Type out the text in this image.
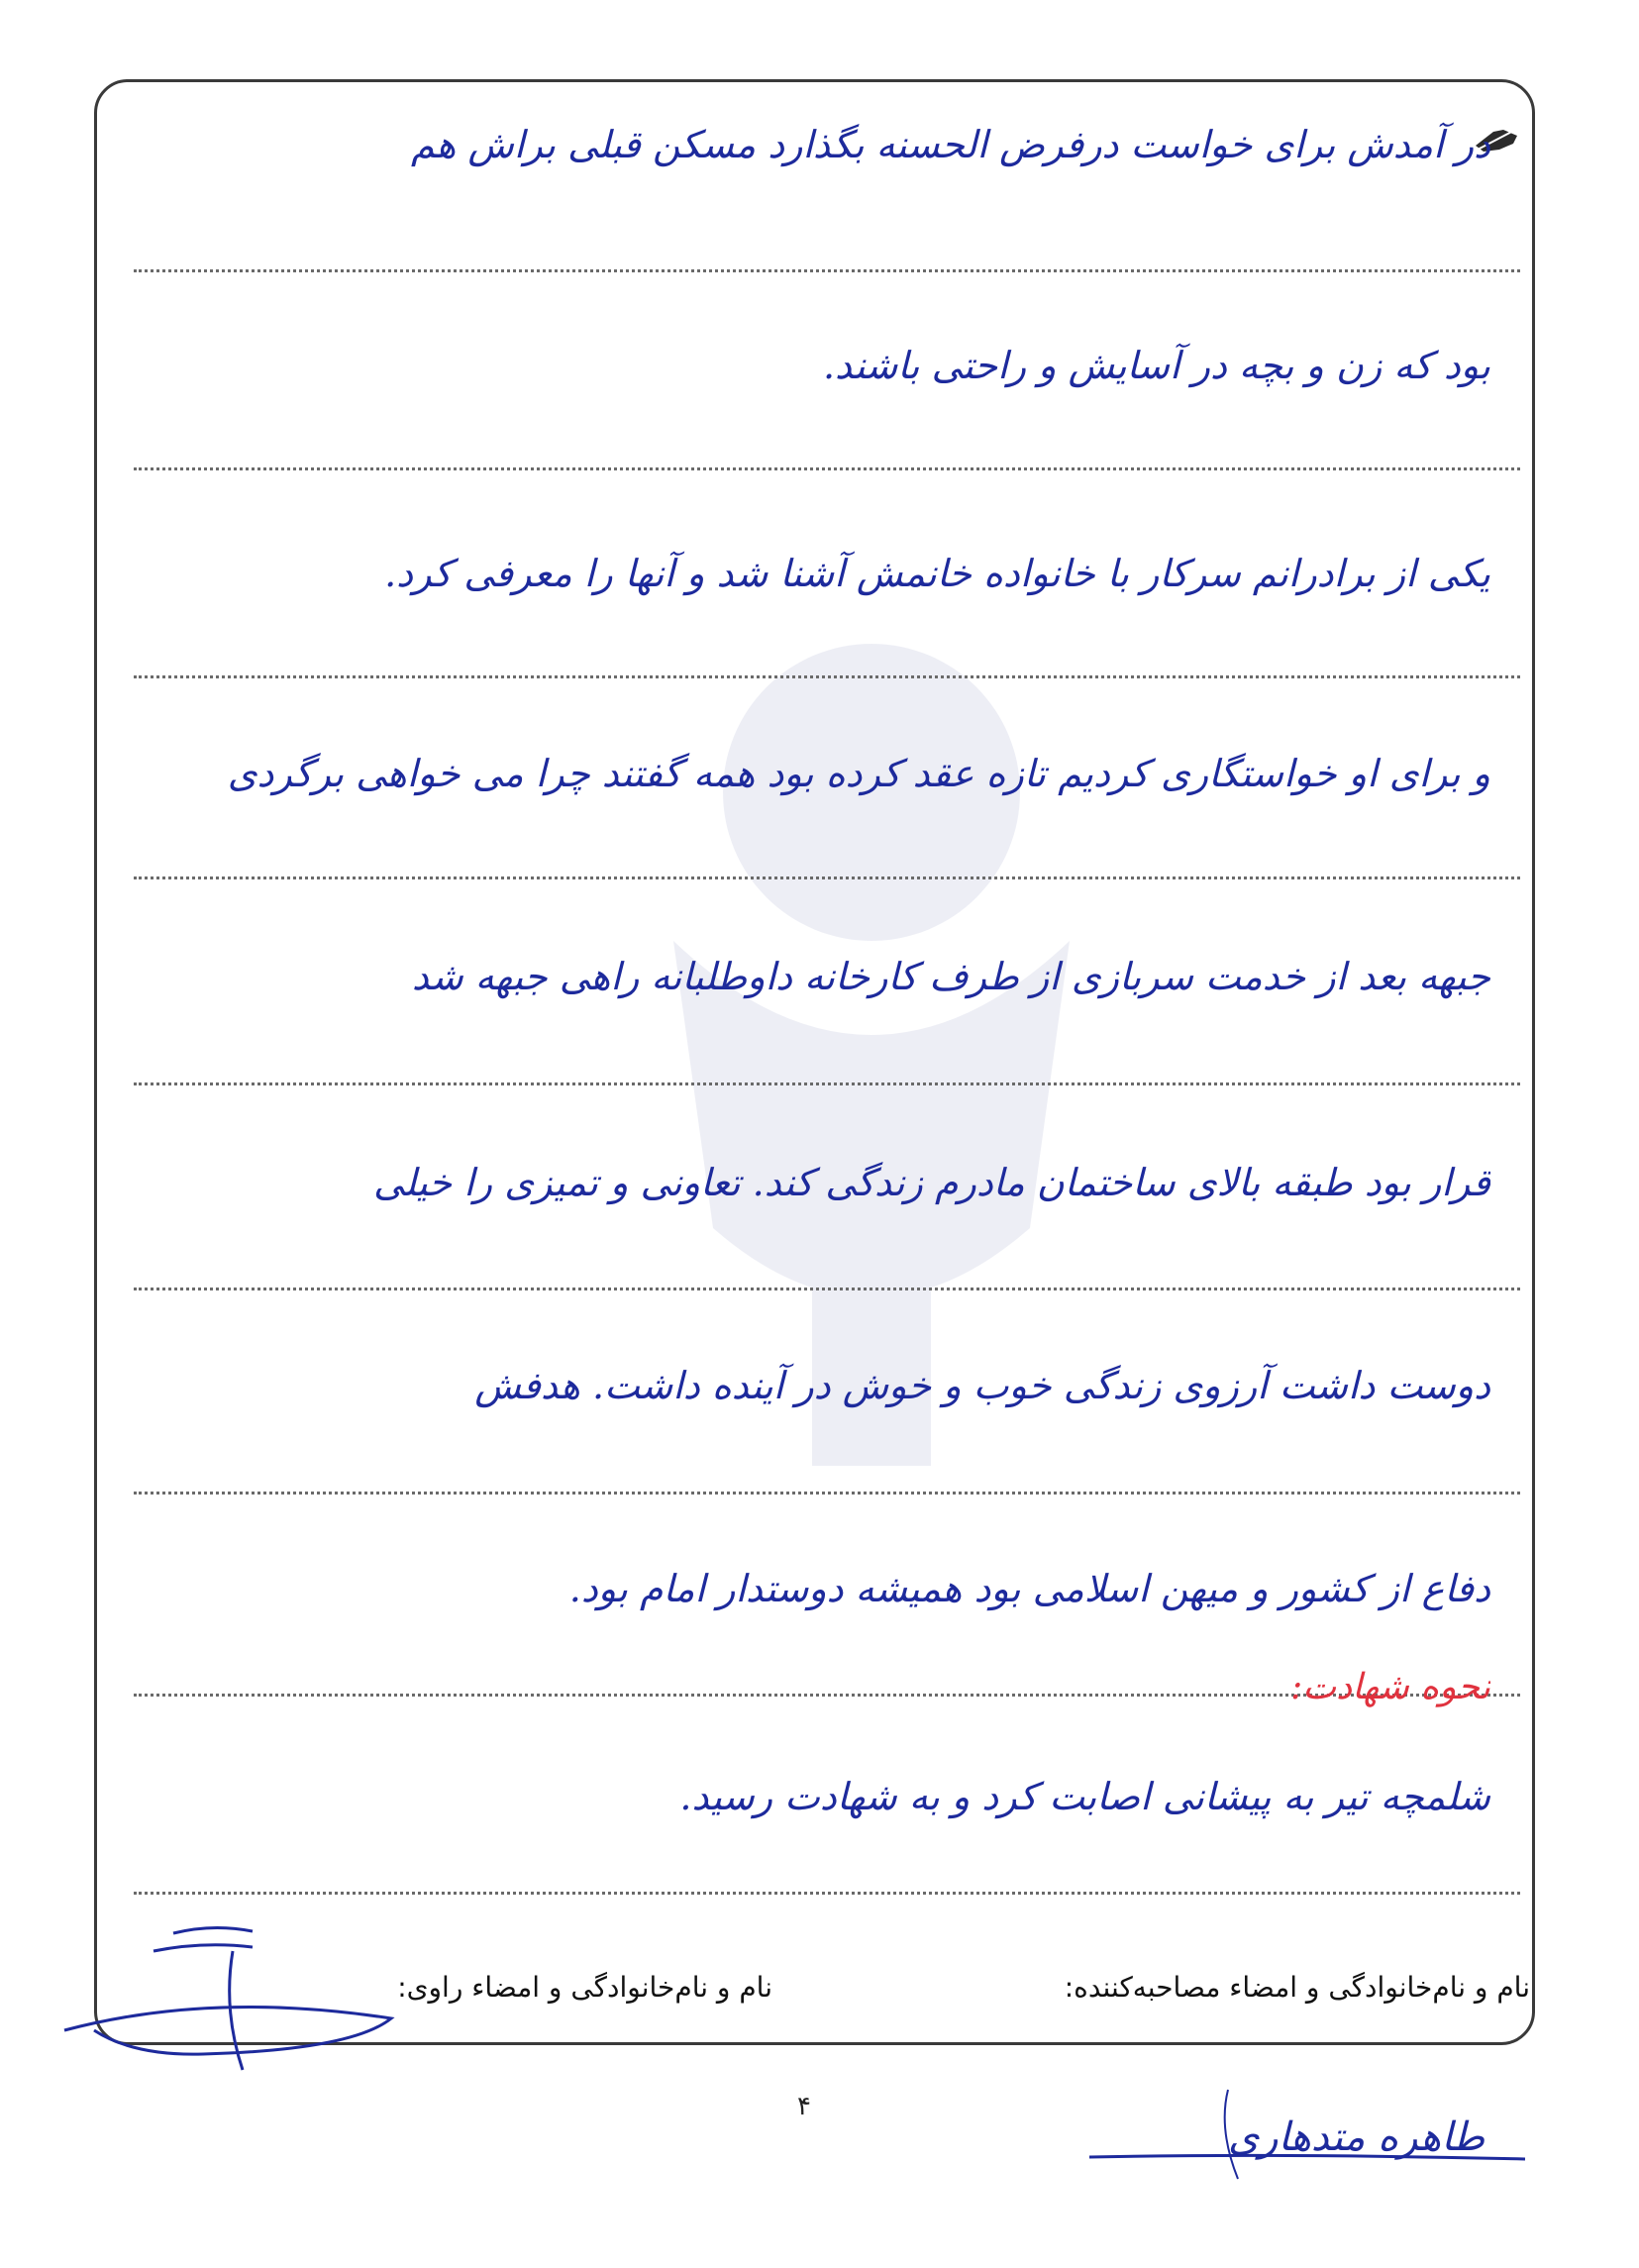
در آمدش برای خواست درفرض الحسنه بگذارد مسکن قبلی براش هم
بود که زن و بچه در آسایش و راحتی باشند.
یکی از برادرانم سرکار با خانواده خانمش آشنا شد و آنها را معرفی کرد.
و برای او خواستگاری کردیم تازه عقد کرده بود همه گفتند چرا می خواهی برگردی
جبهه بعد از خدمت سربازی از طرف کارخانه داوطلبانه راهی جبهه شد
قرار بود طبقه بالای ساختمان مادرم زندگی کند. تعاونی و تمیزی را خیلی
دوست داشت آرزوی زندگی خوب و خوش در آینده داشت. هدفش
دفاع از کشور و میهن اسلامی بود همیشه دوستدار امام بود.
نحوه شهادت:
شلمچه تیر به پیشانی اصابت کرد و به شهادت رسید.
نام و نام‌خانوادگی و امضاء مصاحبه‌کننده:
نام و نام‌خانوادگی و امضاء راوی:
۴
طاهره متدهاری
